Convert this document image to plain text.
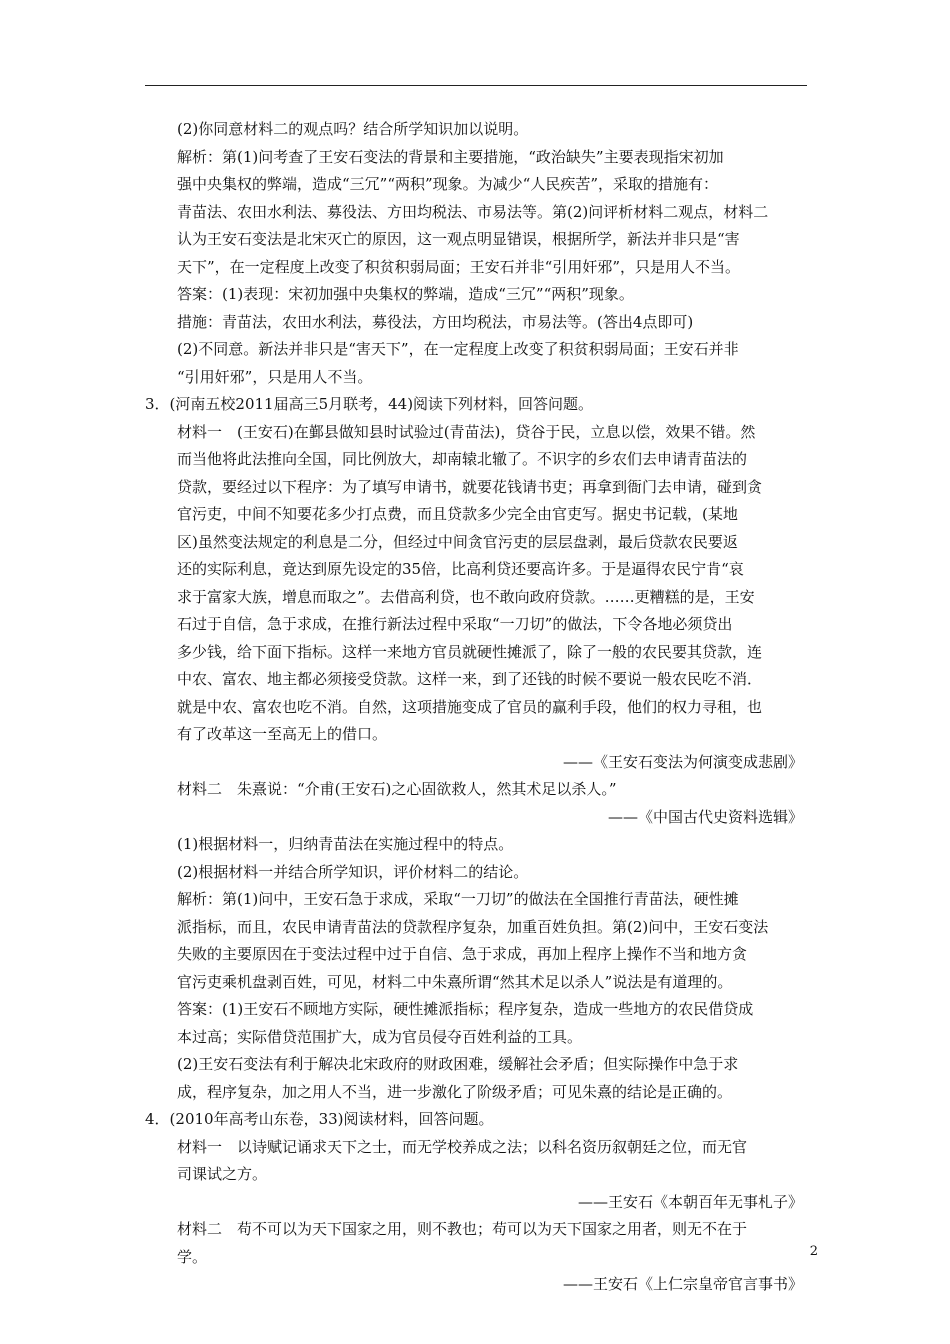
(2)你同意材料二的观点吗？结合所学知识加以说明。
解析：第(1)问考查了王安石变法的背景和主要措施，“政治缺失”主要表现指宋初加
强中央集权的弊端，造成“三冗”“两积”现象。为减少“人民疾苦”，采取的措施有：
青苗法、农田水利法、募役法、方田均税法、市易法等。第(2)问评析材料二观点，材料二
认为王安石变法是北宋灭亡的原因，这一观点明显错误，根据所学，新法并非只是“害
天下”，在一定程度上改变了积贫积弱局面；王安石并非“引用奸邪”，只是用人不当。
答案：(1)表现：宋初加强中央集权的弊端，造成“三冗”“两积”现象。
措施：青苗法，农田水利法，募役法，方田均税法，市易法等。(答出4点即可)
(2)不同意。新法并非只是“害天下”，在一定程度上改变了积贫积弱局面；王安石并非
“引用奸邪”，只是用人不当。
3．(河南五校2011届高三5月联考，44)阅读下列材料，回答问题。
材料一　(王安石)在鄞县做知县时试验过(青苗法)，贷谷于民，立息以偿，效果不错。然
而当他将此法推向全国，同比例放大，却南辕北辙了。不识字的乡农们去申请青苗法的
贷款，要经过以下程序：为了填写申请书，就要花钱请书吏；再拿到衙门去申请，碰到贪
官污吏，中间不知要花多少打点费，而且贷款多少完全由官吏写。据史书记载，(某地
区)虽然变法规定的利息是二分，但经过中间贪官污吏的层层盘剥，最后贷款农民要返
还的实际利息，竟达到原先设定的35倍，比高利贷还要高许多。于是逼得农民宁肯“哀
求于富家大族，增息而取之”。去借高利贷，也不敢向政府贷款。……更糟糕的是，王安
石过于自信，急于求成，在推行新法过程中采取“一刀切”的做法，下令各地必须贷出
多少钱，给下面下指标。这样一来地方官员就硬性摊派了，除了一般的农民要其贷款，连
中农、富农、地主都必须接受贷款。这样一来，到了还钱的时候不要说一般农民吃不消．
就是中农、富农也吃不消。自然，这项措施变成了官员的赢利手段，他们的权力寻租，也
有了改革这一至高无上的借口。
——《王安石变法为何演变成悲剧》
材料二　朱熹说：“介甫(王安石)之心固欲救人，然其术足以杀人。”
——《中国古代史资料选辑》
(1)根据材料一，归纳青苗法在实施过程中的特点。
(2)根据材料一并结合所学知识，评价材料二的结论。
解析：第(1)问中，王安石急于求成，采取“一刀切”的做法在全国推行青苗法，硬性摊
派指标，而且，农民申请青苗法的贷款程序复杂，加重百姓负担。第(2)问中，王安石变法
失败的主要原因在于变法过程中过于自信、急于求成，再加上程序上操作不当和地方贪
官污吏乘机盘剥百姓，可见，材料二中朱熹所谓“然其术足以杀人”说法是有道理的。
答案：(1)王安石不顾地方实际，硬性摊派指标；程序复杂，造成一些地方的农民借贷成
本过高；实际借贷范围扩大，成为官员侵夺百姓利益的工具。
(2)王安石变法有利于解决北宋政府的财政困难，缓解社会矛盾；但实际操作中急于求
成，程序复杂，加之用人不当，进一步激化了阶级矛盾；可见朱熹的结论是正确的。
4．(2010年高考山东卷，33)阅读材料，回答问题。
材料一　以诗赋记诵求天下之士，而无学校养成之法；以科名资历叙朝廷之位，而无官
司课试之方。
——王安石《本朝百年无事札子》
材料二　苟不可以为天下国家之用，则不教也；苟可以为天下国家之用者，则无不在于
学。
——王安石《上仁宗皇帝官言事书》
2
